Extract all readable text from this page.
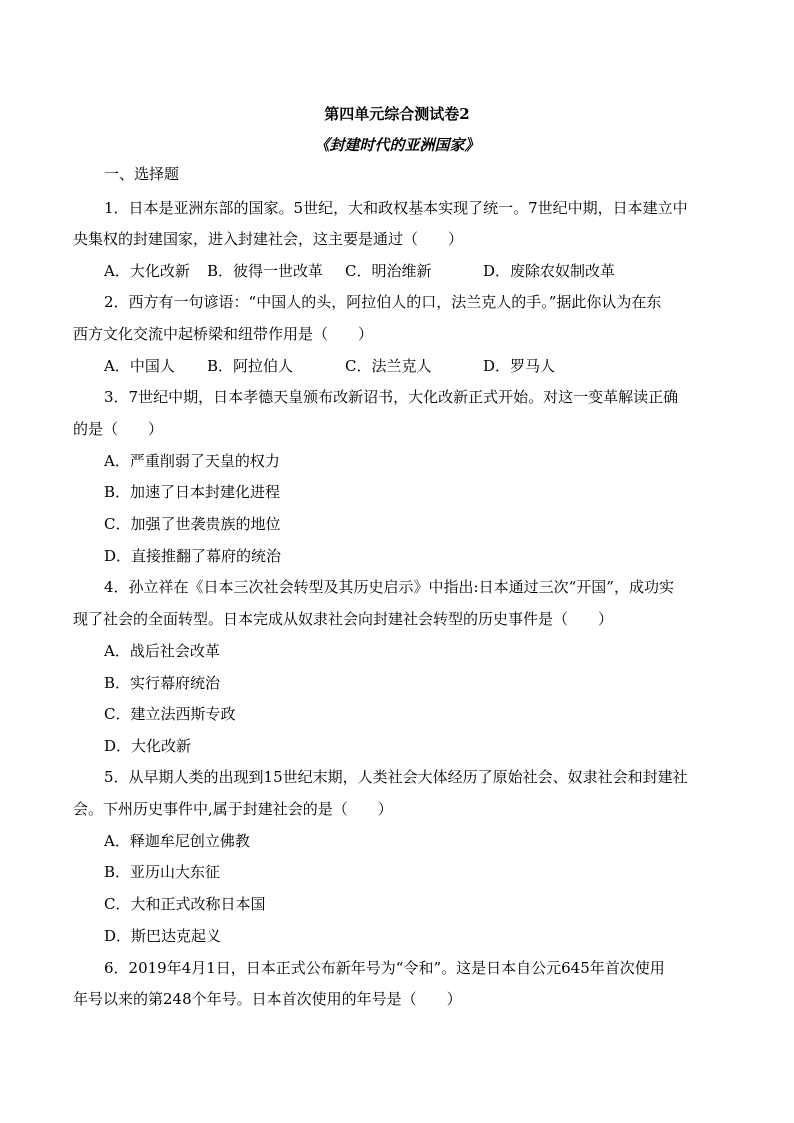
第四单元综合测试卷2
《封建时代的亚洲国家》
一、选择题
1．日本是亚洲东部的国家。5世纪，大和政权基本实现了统一。7世纪中期，日本建立中
央集权的封建国家，进入封建社会，这主要是通过（　　）
A．大化改新 B．彼得一世改革 C．明治维新	D．废除农奴制改革
2．西方有一句谚语：“中国人的头，阿拉伯人的口，法兰克人的手。”据此你认为在东
西方文化交流中起桥梁和纽带作用是（　　）
A．中国人 B．阿拉伯人	C．法兰克人	D．罗马人
3．7世纪中期，日本孝德天皇颁布改新诏书，大化改新正式开始。对这一变革解读正确
的是（　　）
A．严重削弱了天皇的权力
B．加速了日本封建化进程
C．加强了世袭贵族的地位
D．直接推翻了幕府的统治
4．孙立祥在《日本三次社会转型及其历史启示》中指出:日本通过三次“开国”，成功实
现了社会的全面转型。日本完成从奴隶社会向封建社会转型的历史事件是（　　）
A．战后社会改革
B．实行幕府统治
C．建立法西斯专政
D．大化改新
5．从早期人类的出现到15世纪末期，人类社会大体经历了原始社会、奴隶社会和封建社
会。下州历史事件中,属于封建社会的是（　　）
A．释迦牟尼创立佛教
B．亚历山大东征
C．大和正式改称日本国
D．斯巴达克起义
6．2019年4月1日，日本正式公布新年号为“令和”。这是日本自公元645年首次使用
年号以来的第248个年号。日本首次使用的年号是（　　）
